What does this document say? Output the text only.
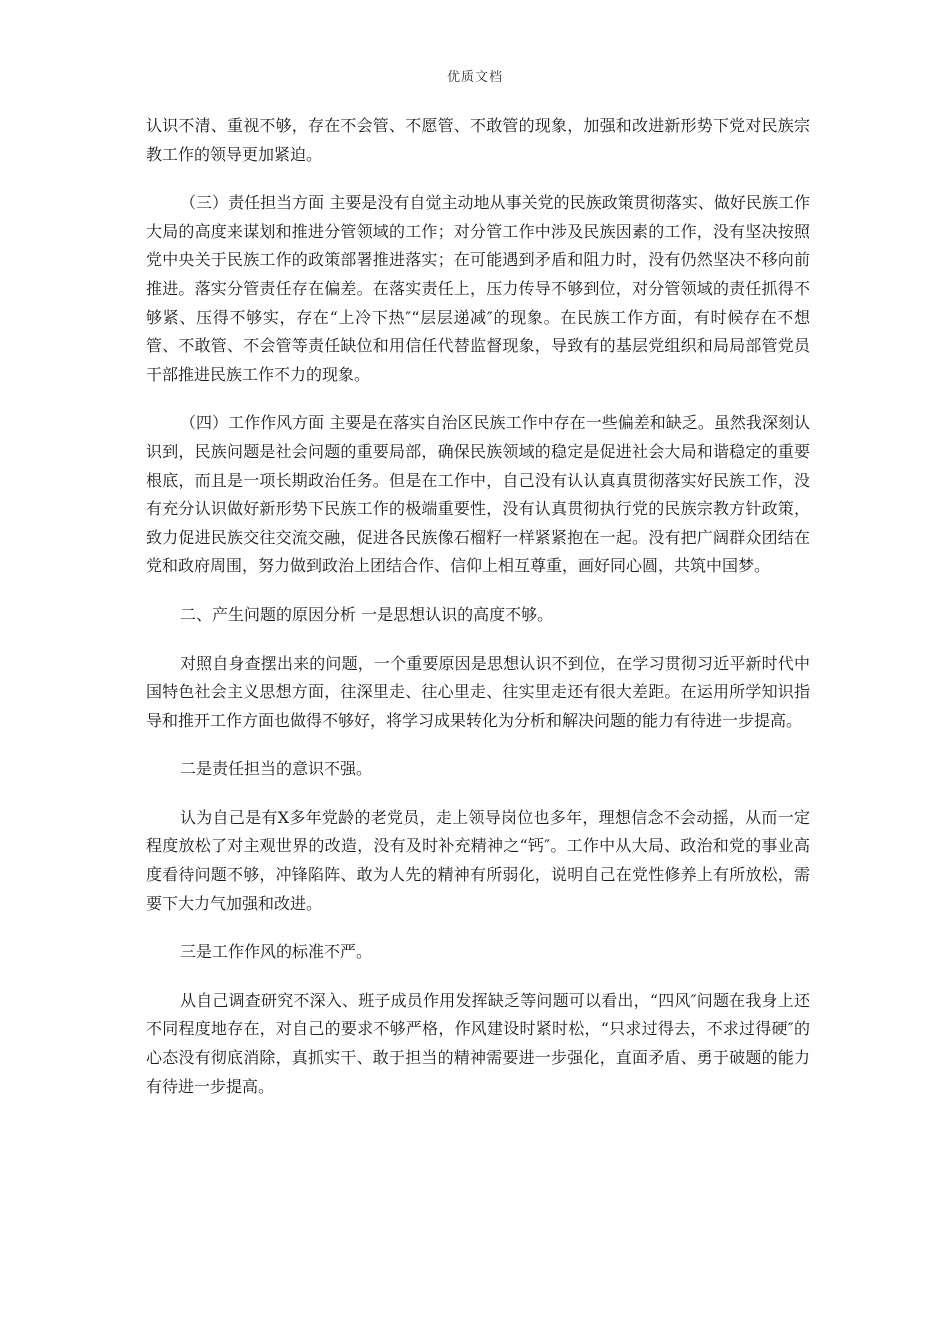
优质文档

认识不清、重视不够，存在不会管、不愿管、不敢管的现象，加强和改进新形势下党对民族宗教工作的领导更加紧迫。

（三）责任担当方面 主要是没有自觉主动地从事关党的民族政策贯彻落实、做好民族工作大局的高度来谋划和推进分管领域的工作；对分管工作中涉及民族因素的工作，没有坚决按照党中央关于民族工作的政策部署推进落实；在可能遇到矛盾和阻力时，没有仍然坚决不移向前推进。落实分管责任存在偏差。在落实责任上，压力传导不够到位，对分管领域的责任抓得不够紧、压得不够实，存在“上冷下热″“层层递减″的现象。在民族工作方面，有时候存在不想管、不敢管、不会管等责任缺位和用信任代替监督现象，导致有的基层党组织和局局部管党员干部推进民族工作不力的现象。

（四）工作作风方面 主要是在落实自治区民族工作中存在一些偏差和缺乏。虽然我深刻认识到，民族问题是社会问题的重要局部，确保民族领域的稳定是促进社会大局和谐稳定的重要根底，而且是一项长期政治任务。但是在工作中，自己没有认认真真贯彻落实好民族工作，没有充分认识做好新形势下民族工作的极端重要性，没有认真贯彻执行党的民族宗教方针政策，致力促进民族交往交流交融，促进各民族像石榴籽一样紧紧抱在一起。没有把广阔群众团结在党和政府周围，努力做到政治上团结合作、信仰上相互尊重，画好同心圆，共筑中国梦。

二、产生问题的原因分析 一是思想认识的高度不够。

对照自身查摆出来的问题，一个重要原因是思想认识不到位，在学习贯彻习近平新时代中国特色社会主义思想方面，往深里走、往心里走、往实里走还有很大差距。在运用所学知识指导和推开工作方面也做得不够好，将学习成果转化为分析和解决问题的能力有待进一步提高。

二是责任担当的意识不强。

认为自己是有X多年党龄的老党员，走上领导岗位也多年，理想信念不会动摇，从而一定程度放松了对主观世界的改造，没有及时补充精神之“钙″。工作中从大局、政治和党的事业高度看待问题不够，冲锋陷阵、敢为人先的精神有所弱化，说明自己在党性修养上有所放松，需要下大力气加强和改进。

三是工作作风的标准不严。

从自己调查研究不深入、班子成员作用发挥缺乏等问题可以看出，“四风″问题在我身上还不同程度地存在，对自己的要求不够严格，作风建设时紧时松，“只求过得去，不求过得硬″的心态没有彻底消除，真抓实干、敢于担当的精神需要进一步强化，直面矛盾、勇于破题的能力有待进一步提高。
